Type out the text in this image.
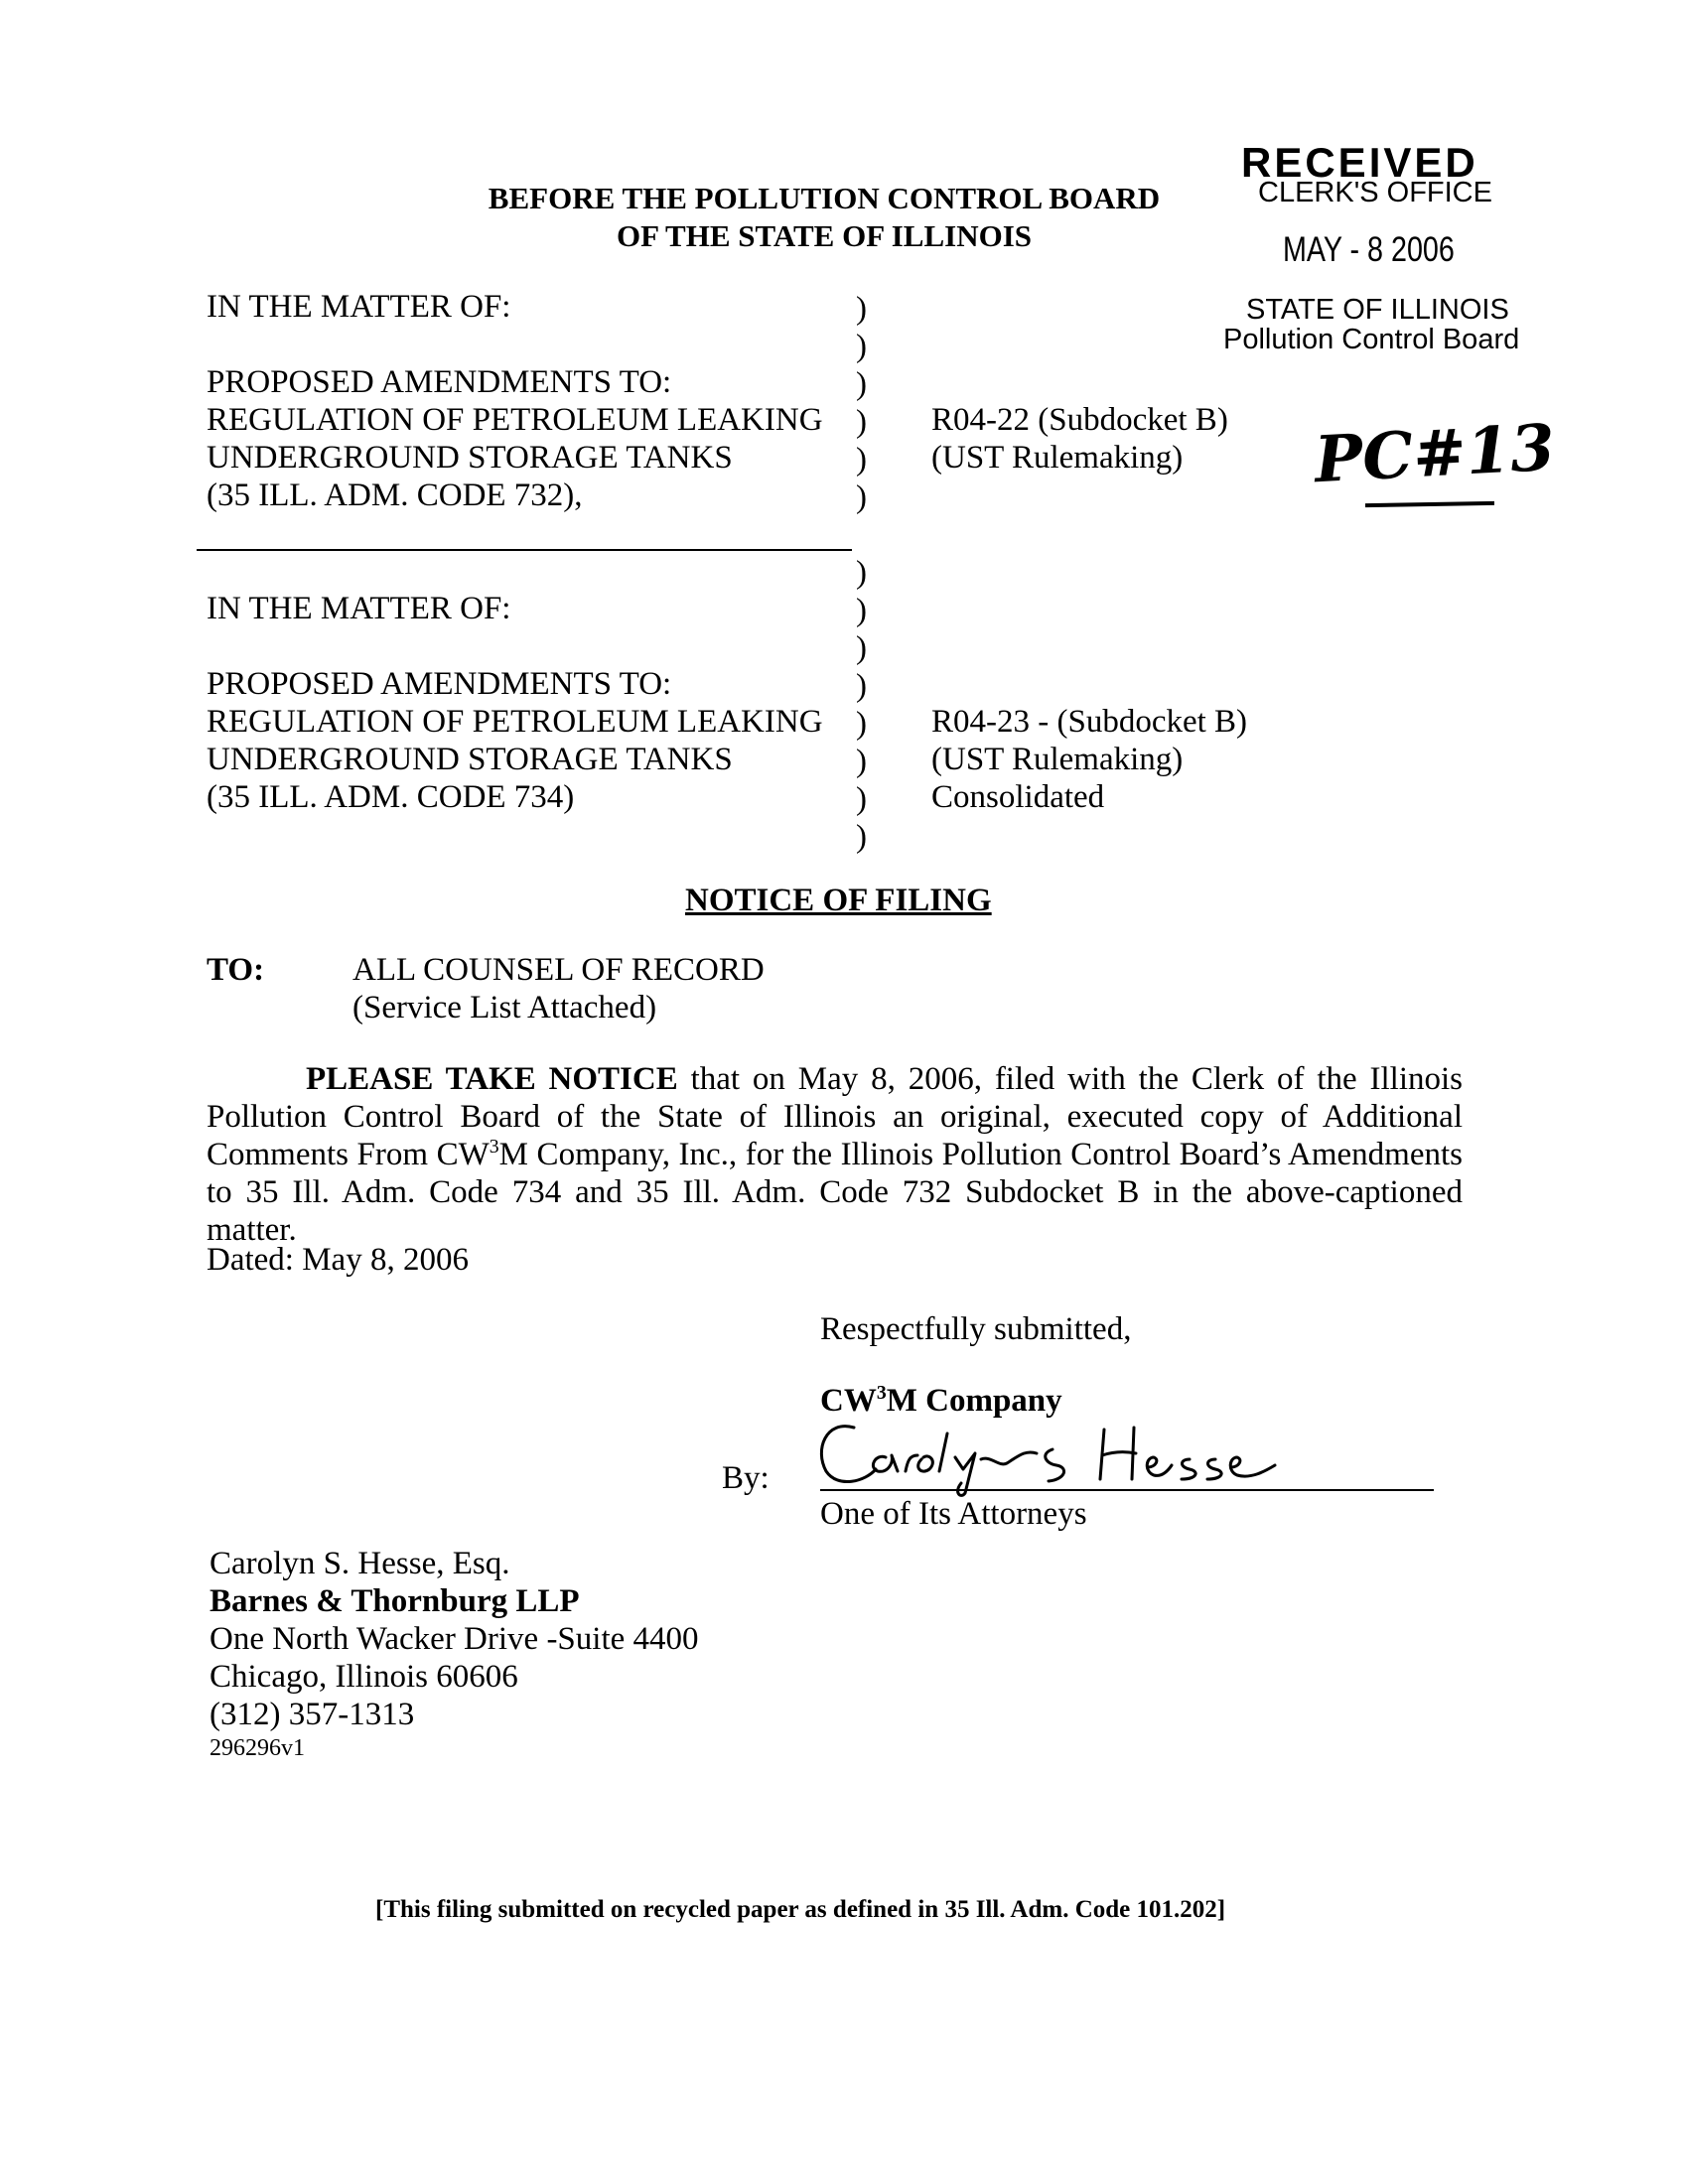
BEFORE THE POLLUTION CONTROL BOARD
OF THE STATE OF ILLINOIS
RECEIVED
CLERK'S OFFICE
MAY - 8 2006
STATE OF ILLINOIS
Pollution Control Board
PC#13
IN THE MATTER OF:
PROPOSED AMENDMENTS TO:
REGULATION OF PETROLEUM LEAKING
UNDERGROUND STORAGE TANKS
(35 ILL. ADM. CODE 732),
R04-22 (Subdocket B)
(UST Rulemaking)
)
)
)
)
)
)
)
)
)
)
)
)
)
)
IN THE MATTER OF:
PROPOSED AMENDMENTS TO:
REGULATION OF PETROLEUM LEAKING
UNDERGROUND STORAGE TANKS
(35 ILL. ADM. CODE 734)
R04-23 - (Subdocket B)
(UST Rulemaking)
Consolidated
NOTICE OF FILING
TO:	ALL COUNSEL OF RECORD
(Service List Attached)
PLEASE TAKE NOTICE that on May 8, 2006, filed with the Clerk of the Illinois Pollution Control Board of the State of Illinois an original, executed copy of Additional Comments From $CW^3M$ Company, Inc., for the Illinois Pollution Control Board’s Amendments to 35 Ill. Adm. Code 734 and 35 Ill. Adm. Code 732 Subdocket B in the above-captioned matter.
Dated: May 8, 2006
Respectfully submitted,
$CW^3M$ Company
By:
One of Its Attorneys
Carolyn S. Hesse, Esq.
Barnes & Thornburg LLP
One North Wacker Drive -Suite 4400
Chicago, Illinois 60606
(312) 357-1313
296296v1
[This filing submitted on recycled paper as defined in 35 Ill. Adm. Code 101.202]
